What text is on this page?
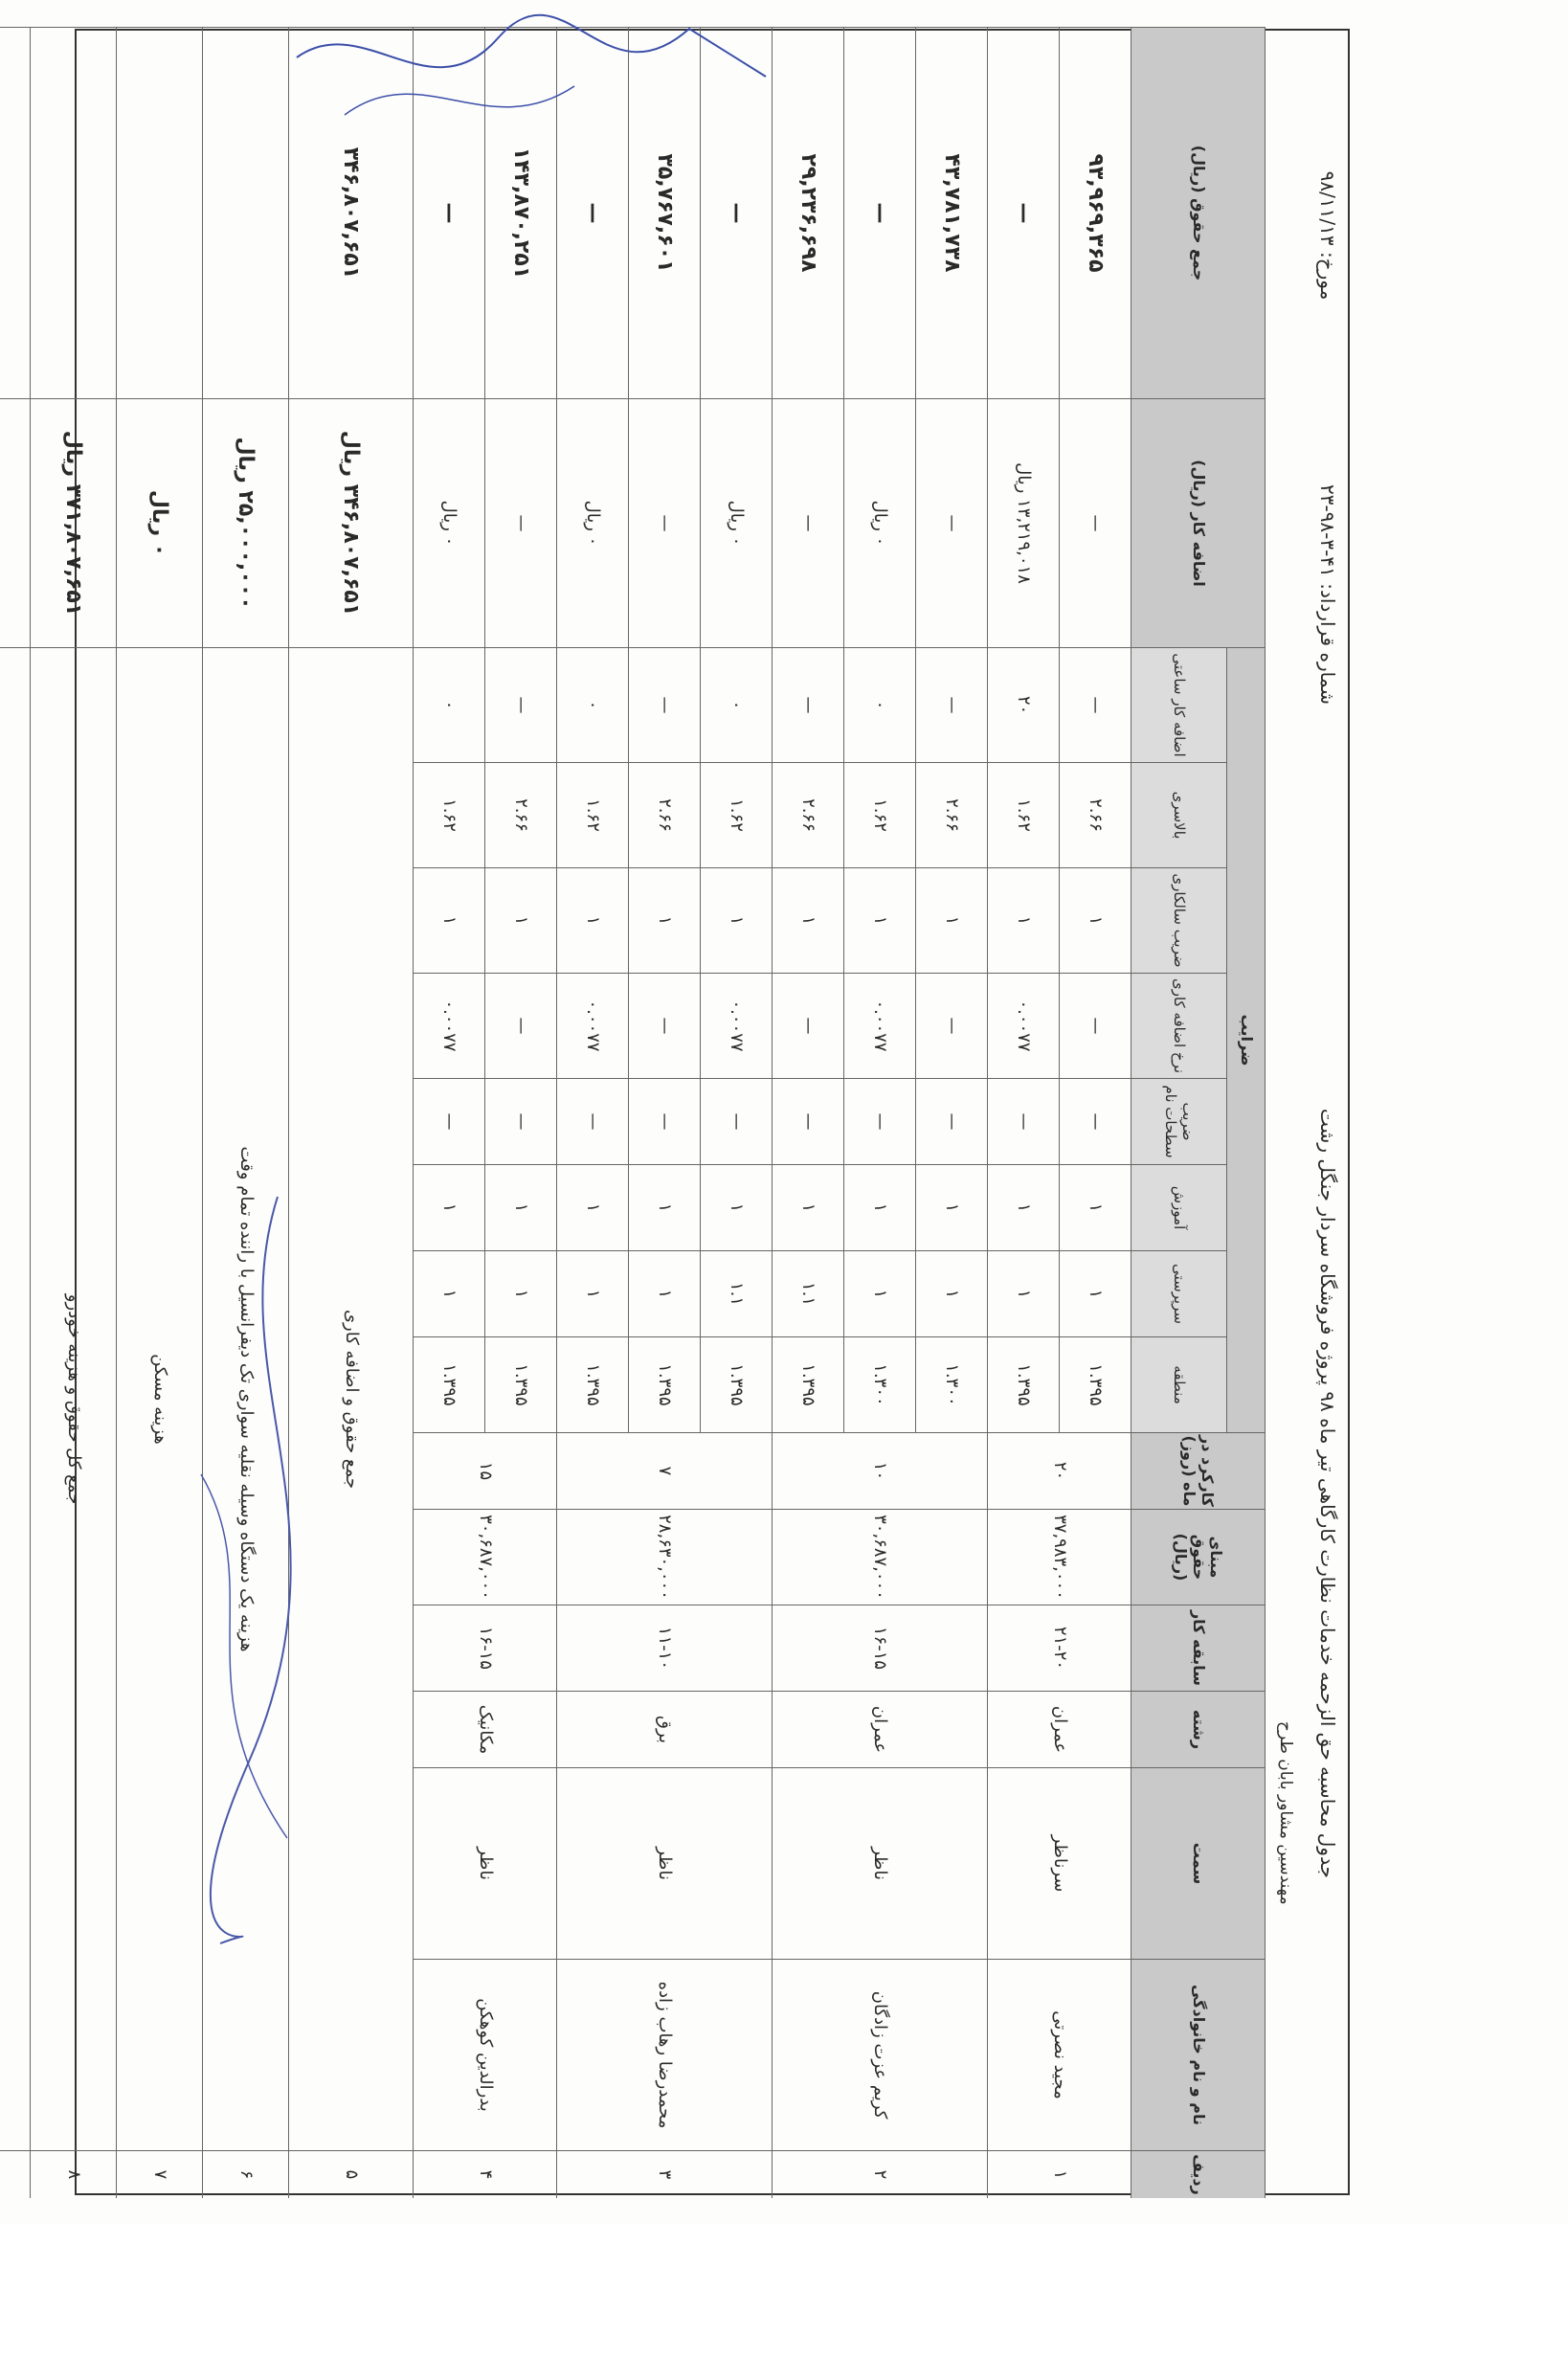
جدول محاسبه حق الزحمه خدمات نظارت کارگاهی تیر ماه ۹۸ پروژه فروشگاه سردار جنگل رشت
شماره قرارداد: ۴۱-۳-۹۸-۲۳
مورخ: ۹۸/۱۱/۱۳
مهندسین مشاور بابان طرح
ردیف
نام و نام خانوادگی
سمت
رشته
سابقه کار
مبنای حقوق (ریال)
کارکرد در ماه (روز)
ضرایب
منطقه
سرپرستی
آموزش
ضریب سطحات نام
نرخ اضافه کاری
ضریب سالکاری
بالاسری
اضافه کار ساعتی
اضافه کار (ریال)
جمع حقوق (ریال)
۱
مجید نصرتی
سرناظر
عمران
۲۱-۲۰
۳۷,۹۸۳,۰۰۰
۲۰
۱.۳۹۵
۱
۱
—
—
۱
۲.۶۶
—
—
۹۳,۹۶۹,۳۶۵
۱.۳۹۵
۱
۱
—
۰.۰۰۷۷
۱
۱.۶۲
۲۰
۱۳,۲۱۹,۰۱۸ ریال
—
۲
کریم عزت زادگان
ناظر
عمران
۱۶-۱۵
۳۰,۶۸۷,۰۰۰
۱۰
۱.۳۰۰
۱
۱
—
—
۱
۲.۶۶
—
—
۴۳,۷۸۱,۷۳۸
۱.۳۰۰
۱
۱
—
۰.۰۰۷۷
۱
۱.۶۲
۰
۰ ریال
—
۱.۳۹۵
۱.۱
۱
—
—
۱
۲.۶۶
—
—
۲۹,۲۳۶,۶۹۸
۳
محمدرضا رهاب زاده
ناظر
برق
۱۱-۱۰
۲۸,۶۳۰,۰۰۰
۷
۱.۳۹۵
۱.۱
۱
—
۰.۰۰۷۷
۱
۱.۶۲
۰
۰ ریال
—
۱.۳۹۵
۱
۱
—
—
۱
۲.۶۶
—
—
۳۵,۷۶۷,۶۰۱
۱.۳۹۵
۱
۱
—
۰.۰۰۷۷
۱
۱.۶۲
۰
۰ ریال
—
۴
بدرالدین کوهکن
ناظر
مکانیک
۱۶-۱۵
۳۰,۶۸۷,۰۰۰
۱۵
۱.۳۹۵
۱
۱
—
—
۱
۲.۶۶
—
—
۱۴۳,۸۷۰,۲۵۱
۱.۳۹۵
۱
۱
—
۰.۰۰۷۷
۱
۱.۶۲
۰
۰ ریال
—
۵
جمع حقوق و اضافه کاری
۳۴۶,۸۰۷,۶۵۱ ریال
۳۴۶,۸۰۷,۶۵۱
۶
هزینه یک دستگاه وسیله نقلیه سواری تک دیفرانسیل با راننده تمام وقت
۲۵,۰۰۰,۰۰۰ ریال
۷
هزینه مسکن
۰ ریال
۸
جمع کل حقوق و هزینه خودرو
۳۷۱,۸۰۷,۶۵۱ ریال
